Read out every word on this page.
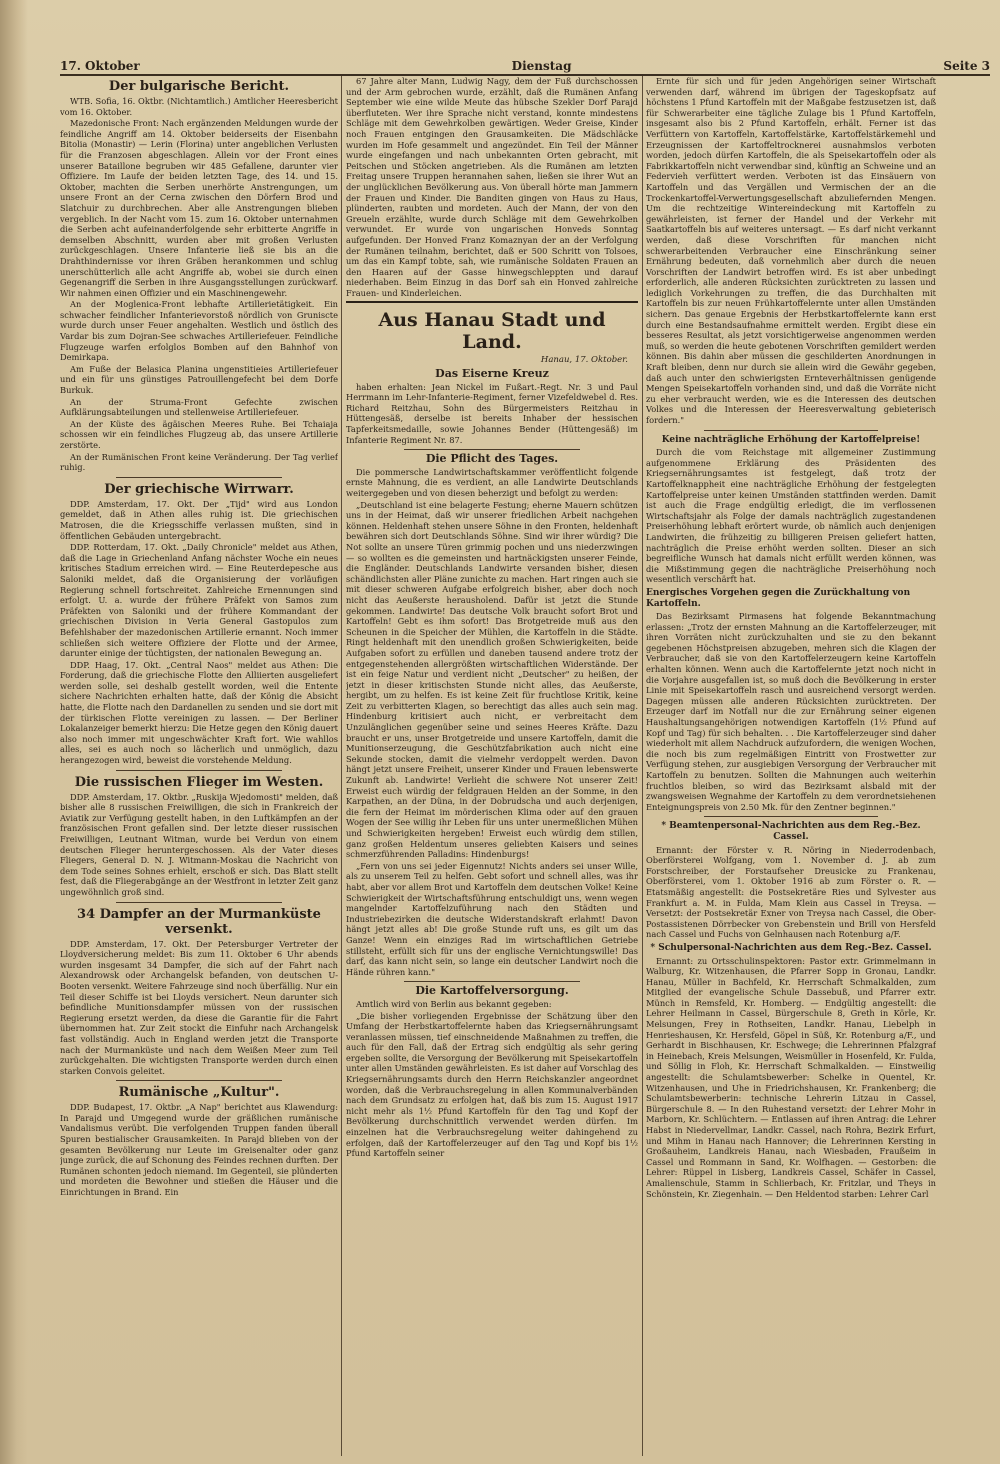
17. Oktober	Dienstag	Seite 3
Der bulgarische Bericht.

WTB. Sofia, 16. Oktbr. (Nichtamtlich.) Amtlicher Heeresbericht vom 16. Oktober.

Mazedonische Front: Nach ergänzenden Meldungen wurde der feindliche Angriff am 14. Oktober beiderseits der Eisenbahn Bitolia (Monastir) — Lerin (Florina) unter angeblichen Verlusten für die Franzosen abgeschlagen. Allein vor der Front eines unserer Bataillone begruben wir 485 Gefallene, darunter vier Offiziere. Im Laufe der beiden letzten Tage, des 14. und 15. Oktober, machten die Serben unerhörte Anstrengungen, um unsere Front an der Cerna zwischen den Dörfern Brod und Slatchuir zu durchbrechen. Aber alle Anstrengungen blieben vergeblich. In der Nacht vom 15. zum 16. Oktober unternahmen die Serben acht aufeinanderfolgende sehr erbitterte Angriffe in demselben Abschnitt, wurden aber mit großen Verlusten zurückgeschlagen. Unsere Infanterie ließ sie bis an die Drahthindernisse vor ihren Gräben herankommen und schlug unerschütterlich alle acht Angriffe ab, wobei sie durch einen Gegenangriff die Serben in ihre Ausgangsstellungen zurückwarf. Wir nahmen einen Offizier und ein Maschinengewehr.

An der Moglenica-Front lebhafte Artillerietätigkeit. Ein schwacher feindlicher Infanterievorstoß nördlich von Gruniscte wurde durch unser Feuer angehalten. Westlich und östlich des Vardar bis zum Dojran-See schwaches Artilleriefeuer. Feindliche Flugzeuge warfen erfolglos Bomben auf den Bahnhof von Demirkapa.

Am Fuße der Belasica Planina ungenstitieies Artilleriefeuer und ein für uns günstiges Patrouillengefecht bei dem Dorfe Burkuk.

An der Struma-Front Gefechte zwischen Aufklärungsabteilungen und stellenweise Artilleriefeuer.

An der Küste des ägäischen Meeres Ruhe. Bei Tchaiaja schossen wir ein feindliches Flugzeug ab, das unsere Artillerie zerstörte.

An der Rumänischen Front keine Veränderung. Der Tag verlief ruhig.

Der griechische Wirrwarr.

DDP. Amsterdam, 17. Okt. Der „Tijd" wird aus London gemeldet, daß in Athen alles ruhig ist. Die griechischen Matrosen, die die Kriegsschiffe verlassen mußten, sind in öffentlichen Gebäuden untergebracht.

DDP. Rotterdam, 17. Okt. „Daily Chronicle" meldet aus Athen, daß die Lage in Griechenland Anfang nächster Woche ein neues kritisches Stadium erreichen wird. — Eine Reuterdepesche aus Saloniki meldet, daß die Organisierung der vorläufigen Regierung schnell fortschreitet. Zahlreiche Ernennungen sind erfolgt. U. a. wurde der frühere Präfekt von Samos zum Präfekten von Saloniki und der frühere Kommandant der griechischen Division in Veria General Gastopulos zum Befehlshaber der mazedonischen Artillerie ernannt. Noch immer schließen sich weitere Offiziere der Flotte und der Armee, darunter einige der tüchtigsten, der nationalen Bewegung an.

DDP. Haag, 17. Okt. „Central Naos" meldet aus Athen: Die Forderung, daß die griechische Flotte den Alliierten ausgeliefert werden solle, sei deshalb gestellt worden, weil die Entente sichere Nachrichten erhalten hatte, daß der König die Absicht hatte, die Flotte nach den Dardanellen zu senden und sie dort mit der türkischen Flotte vereinigen zu lassen. — Der Berliner Lokalanzeiger bemerkt hierzu: Die Hetze gegen den König dauert also noch immer mit ungeschwächter Kraft fort. Wie wahllos alles, sei es auch noch so lächerlich und unmöglich, dazu herangezogen wird, beweist die vorstehende Meldung.

Die russischen Flieger im Westen.

DDP. Amsterdam, 17. Oktbr. „Ruskija Wjedomosti" melden, daß bisher alle 8 russischen Freiwilligen, die sich in Frankreich der Aviatik zur Verfügung gestellt haben, in den Luftkämpfen an der französischen Front gefallen sind. Der letzte dieser russischen Freiwilligen, Leutnant Witman, wurde bei Verdun von einem deutschen Flieger heruntergeschossen. Als der Vater dieses Fliegers, General D. N. J. Witmann-Moskau die Nachricht von dem Tode seines Sohnes erhielt, erschoß er sich. Das Blatt stellt fest, daß die Fliegerabgänge an der Westfront in letzter Zeit ganz ungewöhnlich groß sind.

34 Dampfer an der Murmanküste versenkt.

DDP. Amsterdam, 17. Okt. Der Petersburger Vertreter der Lloydversicherung meldet: Bis zum 11. Oktober 6 Uhr abends wurden insgesamt 34 Dampfer, die sich auf der Fahrt nach Alexandrowsk oder Archangelsk befanden, von deutschen U-Booten versenkt. Weitere Fahrzeuge sind noch überfällig. Nur ein Teil dieser Schiffe ist bei Lloyds versichert. Neun darunter sich befindliche Munitionsdampfer müssen von der russischen Regierung ersetzt werden, da diese die Garantie für die Fahrt übernommen hat. Zur Zeit stockt die Einfuhr nach Archangelsk fast vollständig. Auch in England werden jetzt die Transporte nach der Murmanküste und nach dem Weißen Meer zum Teil zurückgehalten. Die wichtigsten Transporte werden durch einen starken Convois geleitet.

Rumänische „Kultur".

DDP. Budapest, 17. Oktbr. „A Nap" berichtet aus Klawendurg: In Parajd und Umgegend wurde der gräßlichen rumänische Vandalismus verübt. Die verfolgenden Truppen fanden überall Spuren bestialischer Grausamkeiten. In Parajd blieben von der gesamten Bevölkerung nur Leute im Greisenalter oder ganz junge zurück, die auf Schonung des Feindes rechnen durften. Der Rumänen schonten jedoch niemand. Im Gegenteil, sie plünderten und mordeten die Bewohner und stießen die Häuser und die Einrichtungen in Brand. Ein

67 Jahre alter Mann, Ludwig Nagy, dem der Fuß durchschossen und der Arm gebrochen wurde, erzählt, daß die Rumänen Anfang September wie eine wilde Meute das hübsche Szekler Dorf Parajd überfluteten. Wer ihre Sprache nicht verstand, konnte mindestens Schläge mit dem Gewehrkolben gewärtigen. Weder Greise, Kinder noch Frauen entgingen den Grausamkeiten. Die Mädschläcke wurden im Hofe gesammelt und angezündet. Ein Teil der Männer wurde eingefangen und nach unbekannten Orten gebracht, mit Peitschen und Stöcken angetrieben. Als die Rumänen am letzten Freitag unsere Truppen herannahen sahen, ließen sie ihrer Wut an der unglücklichen Bevölkerung aus. Von überall hörte man Jammern der Frauen und Kinder. Die Banditen gingen von Haus zu Haus, plünderten, raubten und mordeten. Auch der Mann, der von den Greueln erzählte, wurde durch Schläge mit dem Gewehrkolben verwundet. Er wurde von ungarischen Honveds Sonntag aufgefunden. Der Honved Franz Komaznyan der an der Verfolgung der Rumänen teilnahm, berichtet, daß er 500 Schritt von Tolsoes, um das ein Kampf tobte, sah, wie rumänische Soldaten Frauen an den Haaren auf der Gasse hinwegschleppten und darauf niederhaben. Beim Einzug in das Dorf sah ein Honved zahlreiche Frauen- und Kinderleichen.

Aus Hanau Stadt und Land.
Hanau, 17. Oktober.
Das Eiserne Kreuz

haben erhalten: Jean Nickel im Fußart.-Regt. Nr. 3 und Paul Herrmann im Lehr-Infanterie-Regiment, ferner Vizefeldwebel d. Res. Richard Reitzhau, Sohn des Bürgermeisters Reitzhau in Hüttengesäß, derselbe ist bereits Inhaber der hessischen Tapferkeitsmedaille, sowie Johannes Bender (Hüttengesäß) im Infanterie Regiment Nr. 87.

Die Pflicht des Tages.

Die pommersche Landwirtschaftskammer veröffentlicht folgende ernste Mahnung, die es verdient, an alle Landwirte Deutschlands weitergegeben und von diesen beherzigt und befolgt zu werden:

„Deutschland ist eine belagerte Festung; eherne Mauern schützen uns in der Heimat, daß wir unserer friedlichen Arbeit nachgehen können. Heldenhaft stehen unsere Söhne in den Fronten, heldenhaft bewähren sich dort Deutschlands Söhne. Sind wir ihrer würdig? Die Not sollte an unsere Türen grimmig pochen und uns niederzwingen — so wollten es die gemeinsten und hartnäckigsten unserer Feinde, die Engländer. Deutschlands Landwirte versanden bisher, diesen schändlichsten aller Pläne zunichte zu machen. Hart ringen auch sie mit dieser schweren Aufgabe erfolgreich bisher, aber doch noch nicht das Aeußerste herausholend. Dafür ist jetzt die Stunde gekommen. Landwirte! Das deutsche Volk braucht sofort Brot und Kartoffeln! Gebt es ihm sofort! Das Brotgetreide muß aus den Scheunen in die Speicher der Mühlen, die Kartoffeln in die Städte. Ringt heldenhaft mit den unendlich großen Schwierigkeiten, beide Aufgaben sofort zu erfüllen und daneben tausend andere trotz der entgegenstehenden allergrößten wirtschaftlichen Widerstände. Der ist ein feige Natur und verdient nicht „Deutscher" zu heißen, der jetzt in dieser kritischsten Stunde nicht alles, das Aeußerste, hergibt, um zu helfen. Es ist keine Zeit für fruchtlose Kritik, keine Zeit zu verbitterten Klagen, so berechtigt das alles auch sein mag. Hindenburg kritisiert auch nicht, er verbreitacht dem Unzulänglichen gegenüber seine und seines Heeres Kräfte. Dazu braucht er uns, unser Brotgetreide und unsere Kartoffeln, damit die Munitionserzeugung, die Geschützfabrikation auch nicht eine Sekunde stocken, damit die vielmehr verdoppelt werden. Davon hängt jetzt unsere Freiheit, unserer Kinder und Frauen lebenswerte Zukunft ab. Landwirte! Verlieht die schwere Not unserer Zeit! Erweist euch würdig der feldgrauen Helden an der Somme, in den Karpathen, an der Düna, in der Dobrudscha und auch derjenigen, die fern der Heimat im mörderischen Klima oder auf den grauen Wogen der See willig ihr Leben für uns unter unermeßlichen Mühen und Schwierigkeiten hergeben! Erweist euch würdig dem stillen, ganz großen Heldentum unseres geliebten Kaisers und seines schmerzführenden Palladins: Hindenburgs!

„Fern von uns sei jeder Eigennutz! Nichts anders sei unser Wille, als zu unserem Teil zu helfen. Gebt sofort und schnell alles, was ihr habt, aber vor allem Brot und Kartoffeln dem deutschen Volke! Keine Schwierigkeit der Wirtschaftsführung entschuldigt uns, wenn wegen mangelnder Kartoffelzuführung nach den Städten und Industriebezirken die deutsche Widerstandskraft erlahmt! Davon hängt jetzt alles ab! Die große Stunde ruft uns, es gilt um das Ganze! Wenn ein einziges Rad im wirtschaftlichen Getriebe stillsteht, erfüllt sich für uns der englische Vernichtungswille! Das darf, das kann nicht sein, so lange ein deutscher Landwirt noch die Hände rühren kann."

Die Kartoffelversorgung.

Amtlich wird von Berlin aus bekannt gegeben:

„Die bisher vorliegenden Ergebnisse der Schätzung über den Umfang der Herbstkartoffelernte haben das Kriegsernährungsamt veranlassen müssen, tief einschneidende Maßnahmen zu treffen, die auch für den Fall, daß der Ertrag sich endgültig als sehr gering ergeben sollte, die Versorgung der Bevölkerung mit Speisekartoffeln unter allen Umständen gewährleisten. Es ist daher auf Vorschlag des Kriegsernährungsamts durch den Herrn Reichskanzler angeordnet worden, daß die Verbrauchsregelung in allen Kommunalverbänden nach dem Grundsatz zu erfolgen hat, daß bis zum 15. August 1917 nicht mehr als 1½ Pfund Kartoffeln für den Tag und Kopf der Bevölkerung durchschnittlich verwendet werden dürfen. Im einzelnen hat die Verbrauchsregelung weiter dahingehend zu erfolgen, daß der Kartoffelerzeuger auf den Tag und Kopf bis 1½ Pfund Kartoffeln seiner

Ernte für sich und für jeden Angehörigen seiner Wirtschaft verwenden darf, während im übrigen der Tageskopfsatz auf höchstens 1 Pfund Kartoffeln mit der Maßgabe festzusetzen ist, daß für Schwerarbeiter eine tägliche Zulage bis 1 Pfund Kartoffeln, insgesamt also bis 2 Pfund Kartoffeln, erhält. Ferner ist das Verfüttern von Kartoffeln, Kartoffelstärke, Kartoffelstärkemehl und Erzeugnissen der Kartoffeltrocknerei ausnahmslos verboten worden, jedoch dürfen Kartoffeln, die als Speisekartoffeln oder als Fabrikkartoffeln nicht verwendbar sind, künftig an Schweine und an Federvieh verfüttert werden. Verboten ist das Einsäuern von Kartoffeln und das Vergällen und Vermischen der an die Trockenkartoffel-Verwertungsgesellschaft abzuliefernden Mengen. Um die rechtzeitige Wintereindeckung mit Kartoffeln zu gewährleisten, ist ferner der Handel und der Verkehr mit Saatkartoffeln bis auf weiteres untersagt. — Es darf nicht verkannt werden, daß diese Vorschriften für manchen nicht schwerarbeitenden Verbraucher eine Einschränkung seiner Ernährung bedeuten, daß vornehmlich aber durch die neuen Vorschriften der Landwirt betroffen wird. Es ist aber unbedingt erforderlich, alle anderen Rücksichten zurücktreten zu lassen und lediglich Vorkehrungen zu treffen, die das Durchhalten mit Kartoffeln bis zur neuen Frühkartoffelernte unter allen Umständen sichern. Das genaue Ergebnis der Herbstkartoffelernte kann erst durch eine Bestandsaufnahme ermittelt werden. Ergibt diese ein besseres Resultat, als jetzt vorsichtigerweise angenommen werden muß, so werden die heute gebotenen Vorschriften gemildert werden können. Bis dahin aber müssen die geschilderten Anordnungen in Kraft bleiben, denn nur durch sie allein wird die Gewähr gegeben, daß auch unter den schwierigsten Ernteverhältnissen genügende Mengen Speisekartoffeln vorhanden sind, und daß die Vorräte nicht zu eher verbraucht werden, wie es die Interessen des deutschen Volkes und die Interessen der Heeresverwaltung gebieterisch fordern."

Keine nachträgliche Erhöhung der Kartoffelpreise!

Durch die vom Reichstage mit allgemeiner Zustimmung aufgenommene Erklärung des Präsidenten des Kriegsernährungsamtes ist festgelegt, daß trotz der Kartoffelknappheit eine nachträgliche Erhöhung der festgelegten Kartoffelpreise unter keinen Umständen stattfinden werden. Damit ist auch die Frage endgültig erledigt, die im verflossenen Wirtschaftsjahr als Folge der damals nachträglich zugestandenen Preiserhöhung lebhaft erörtert wurde, ob nämlich auch denjenigen Landwirten, die frühzeitig zu billigeren Preisen geliefert hatten, nachträglich die Preise erhöht werden sollten. Dieser an sich begreifliche Wunsch hat damals nicht erfüllt werden können, was die Mißstimmung gegen die nachträgliche Preiserhöhung noch wesentlich verschärft hat.

Energisches Vorgehen gegen die Zurückhaltung von Kartoffeln.

Das Bezirksamt Pirmasens hat folgende Bekanntmachung erlassen: „Trotz der ernsten Mahnung an die Kartoffelerzeuger, mit ihren Vorräten nicht zurückzuhalten und sie zu den bekannt gegebenen Höchstpreisen abzugeben, mehren sich die Klagen der Verbraucher, daß sie von den Kartoffelerzeugern keine Kartoffeln erhalten können. Wenn auch die Kartoffelernte jetzt noch nicht in die Vorjahre ausgefallen ist, so muß doch die Bevölkerung in erster Linie mit Speisekartoffeln rasch und ausreichend versorgt werden. Dagegen müssen alle anderen Rücksichten zurücktreten. Der Erzeuger darf im Notfall nur die zur Ernährung seiner eigenen Haushaltungsangehörigen notwendigen Kartoffeln (1½ Pfund auf Kopf und Tag) für sich behalten. . . Die Kartoffelerzeuger sind daher wiederholt mit allem Nachdruck aufzufordern, die wenigen Wochen, die noch bis zum regelmäßigen Eintritt von Frostwetter zur Verfügung stehen, zur ausgiebigen Versorgung der Verbraucher mit Kartoffeln zu benutzen. Sollten die Mahnungen auch weiterhin fruchtlos bleiben, so wird das Bezirksamt alsbald mit der zwangsweisen Wegnahme der Kartoffeln zu dem verordnetsiehenen Enteignungspreis von 2.50 Mk. für den Zentner beginnen."

* Beamtenpersonal-Nachrichten aus dem Reg.-Bez. Cassel.

Ernannt: der Förster v. R. Nöring in Niederrodenbach, Oberförsterei Wolfgang, vom 1. November d. J. ab zum Forstschreiber, der Forstaufseher Dreusicke zu Frankenau, Oberförsterei, vom 1. Oktober 1916 ab zum Förster o. R. — Etatsmäßig angestellt: die Postsekretäre Ries und Sylvester aus Frankfurt a. M. in Fulda, Mam Klein aus Cassel in Treysa. — Versetzt: der Postsekretär Exner von Treysa nach Cassel, die Ober-Postassistenen Dörrbecker von Grebenstein und Brill von Hersfeld nach Cassel und Fuchs von Gelnhausen nach Rotenburg a/F.

* Schulpersonal-Nachrichten aus dem Reg.-Bez. Cassel.

Ernannt: zu Ortsschulinspektoren: Pastor extr. Grimmelmann in Walburg, Kr. Witzenhausen, die Pfarrer Sopp in Gronau, Landkr. Hanau, Müller in Bachfeld, Kr. Herrschaft Schmalkalden, zum Mitglied der evangelische Schule Dassebuß, und Pfarrer extr. Münch in Remsfeld, Kr. Homberg. — Endgültig angestellt: die Lehrer Heilmann in Cassel, Bürgerschule 8, Greth in Körle, Kr. Melsungen, Frey in Rothseiten, Landkr. Hanau, Liebelph in Henrieshausen, Kr. Hersfeld, Göpel in Süß, Kr. Rotenburg a/F., und Gerhardt in Bischhausen, Kr. Eschwege; die Lehrerinnen Pfalzgraf in Heinebach, Kreis Melsungen, Weismüller in Hosenfeld, Kr. Fulda, und Söllig in Floh, Kr. Herrschaft Schmalkalden. — Einstweilig angestellt: die Schulamtsbewerber: Schelke in Quentel, Kr. Witzenhausen, und Uhe in Friedrichshausen, Kr. Frankenberg; die Schulamtsbewerberin: technische Lehrerin Litzau in Cassel, Bürgerschule 8. — In den Ruhestand versetzt: der Lehrer Mohr in Marborn, Kr. Schlüchtern. — Entlassen auf ihren Antrag: die Lehrer Habst in Niedervellmar, Landkr. Cassel, nach Rohra, Bezirk Erfurt, und Mihm in Hanau nach Hannover; die Lehrerinnen Kersting in Großauheim, Landkreis Hanau, nach Wiesbaden, Fraußeim in Cassel und Rommann in Sand, Kr. Wolfhagen. — Gestorben: die Lehrer: Rüppel in Lisberg, Landkreis Cassel, Schäfer in Cassel, Amalienschule, Stamm in Schlierbach, Kr. Fritzlar, und Theys in Schönstein, Kr. Ziegenhain. — Den Heldentod starben: Lehrer Carl
